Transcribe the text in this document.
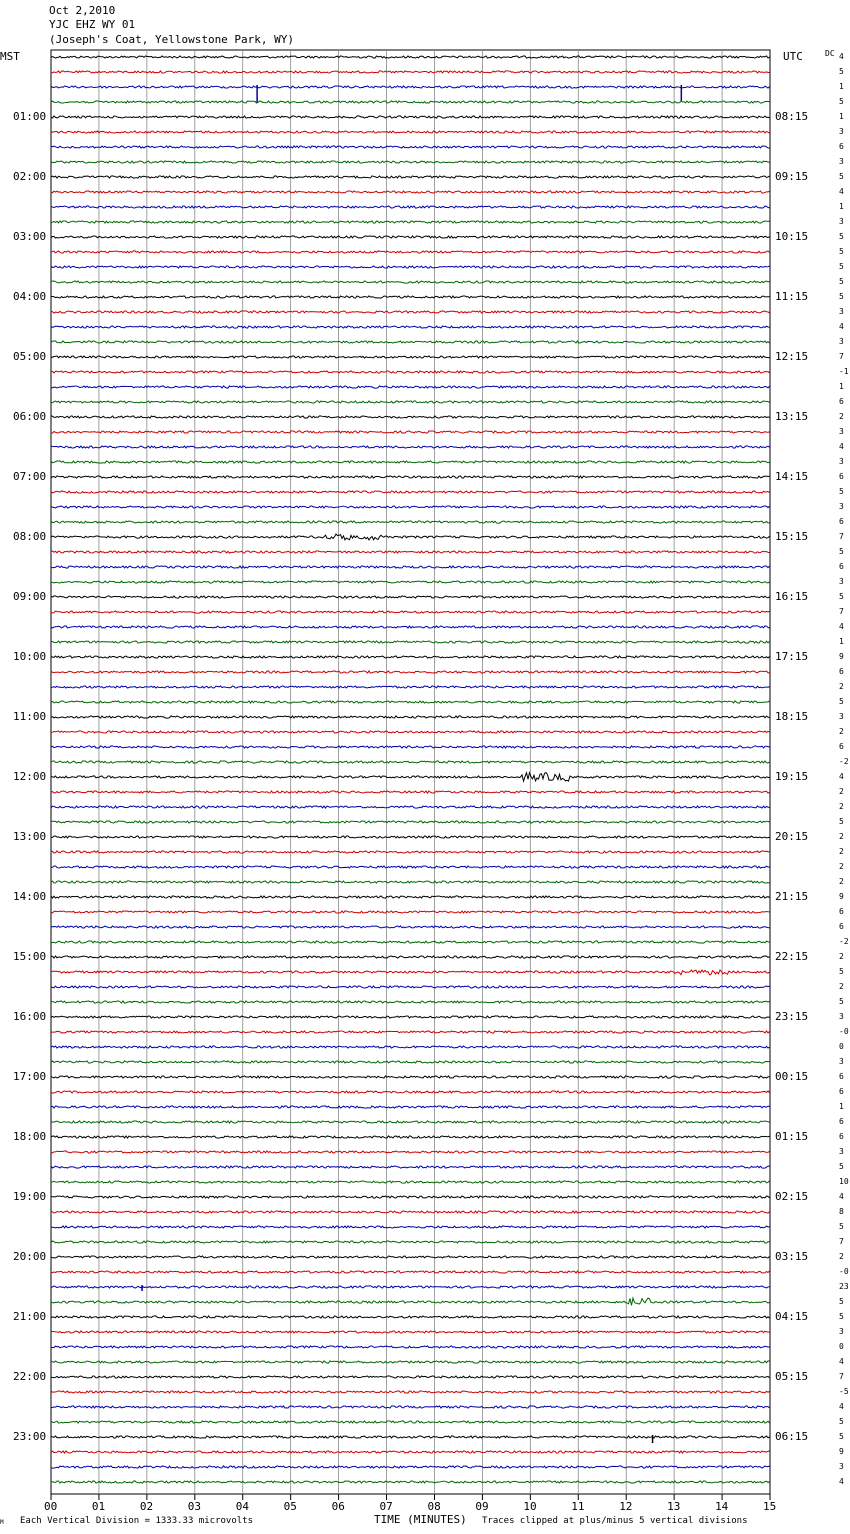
Oct 2,2010
YJC EHZ WY 01
(Joseph's Coat, Yellowstone Park, WY)
MST	UTC	DC 4
5
1
5
1
3
6
3
5
4
1
3
5
5
5
5
5
3
4
3
7
-1
1
6
2
3
4
3
6
5
3
6
7
5
6
3
5
7
4
1
9
6
2
5
3
2
6
-2
4
2
2
5
2
2
2
2
9
6
6
-2
2
5
2
5
3
-0
0
3
6
6
1
6
6
3
5
10
4
8
5
7
2
-0
23
5
5
3
0
4
7
-5
4
5
5
9
3
4
01:00	08:15
02:00	09:15
03:00	10:15
04:00	11:15
05:00	12:15
06:00	13:15
07:00	14:15
08:00	15:15
09:00	16:15
10:00	17:15
11:00	18:15
12:00	19:15
13:00	20:15
14:00	21:15
15:00	22:15
16:00	23:15
17:00	00:15
18:00	01:15
19:00	02:15
20:00	03:15
21:00	04:15
22:00	05:15
23:00	06:15
00	01	02	03	04	05	06	07	08	09	10	11	12	13	14	15
M Each Vertical Division = 1333.33 microvolts	TIME (MINUTES) Traces clipped at plus/minus 5 vertical divisions
